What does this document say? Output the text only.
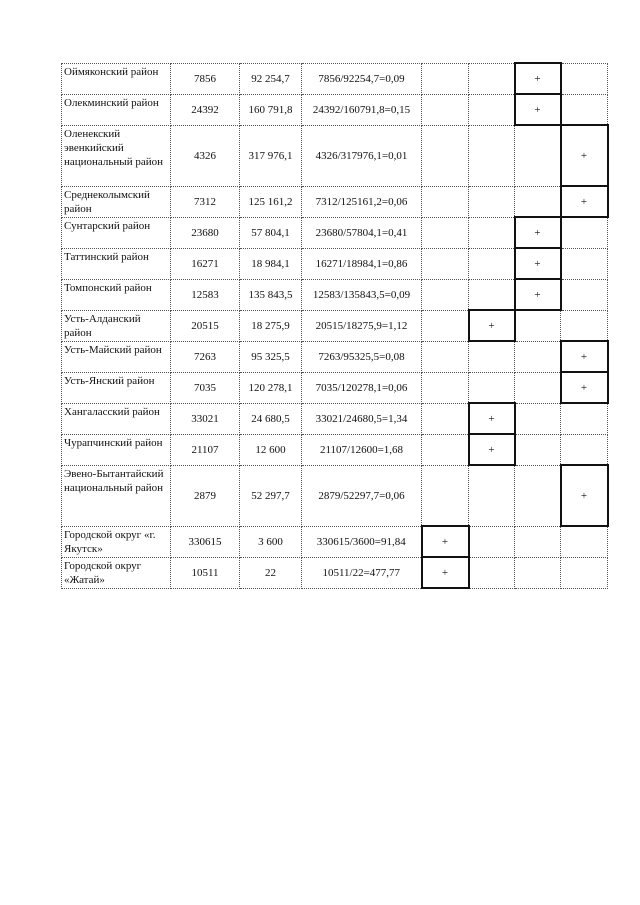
Оймяконский район	7856	92 254,7	7856/92254,7=0,09			+	
Олекминский район	24392	160 791,8	24392/160791,8=0,15			+	
Оленекский эвенкийский национальный район	4326	317 976,1	4326/317976,1=0,01				+
Среднеколымский район	7312	125 161,2	7312/125161,2=0,06				+
Сунтарский район	23680	57 804,1	23680/57804,1=0,41			+	
Таттинский район	16271	18 984,1	16271/18984,1=0,86			+	
Томпонский район	12583	135 843,5	12583/135843,5=0,09			+	
Усть-Алданский район	20515	18 275,9	20515/18275,9=1,12		+		
Усть-Майский район	7263	95 325,5	7263/95325,5=0,08				+
Усть-Янский район	7035	120 278,1	7035/120278,1=0,06				+
Хангаласский район	33021	24 680,5	33021/24680,5=1,34		+		
Чурапчинский район	21107	12 600	21107/12600=1,68		+		
Эвено-Бытантайский национальный район	2879	52 297,7	2879/52297,7=0,06				+
Городской округ «г. Якутск»	330615	3 600	330615/3600=91,84	+			
Городской округ «Жатай»	10511	22	10511/22=477,77	+			
